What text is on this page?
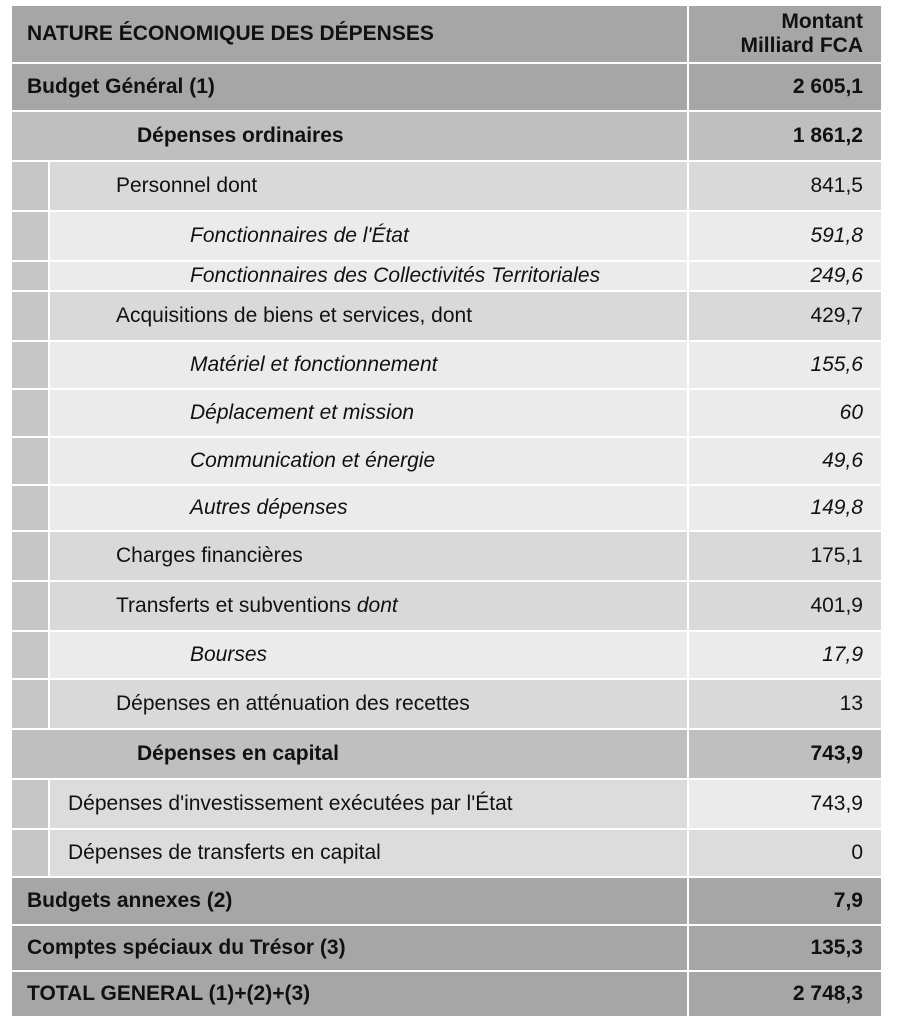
NATURE ÉCONOMIQUE DES DÉPENSES		Montant
Milliard FCA
Budget Général (1)		2 605,1
Dépenses ordinaires		1 861,2
	Personnel dont	841,5
	Fonctionnaires de l'État	591,8
	Fonctionnaires des Collectivités Territoriales	249,6
	Acquisitions de biens et services, dont	429,7
	Matériel et fonctionnement	155,6
	Déplacement et mission	60
	Communication et énergie	49,6
	Autres dépenses	149,8
	Charges financières	175,1
	Transferts et subventions dont	401,9
	Bourses	17,9
	Dépenses en atténuation des recettes	13
Dépenses en capital		743,9
	Dépenses d'investissement exécutées par l'État	743,9
	Dépenses de transferts en capital	0
Budgets annexes (2)		7,9
Comptes spéciaux du Trésor (3)		135,3
TOTAL GENERAL (1)+(2)+(3)		2 748,3
